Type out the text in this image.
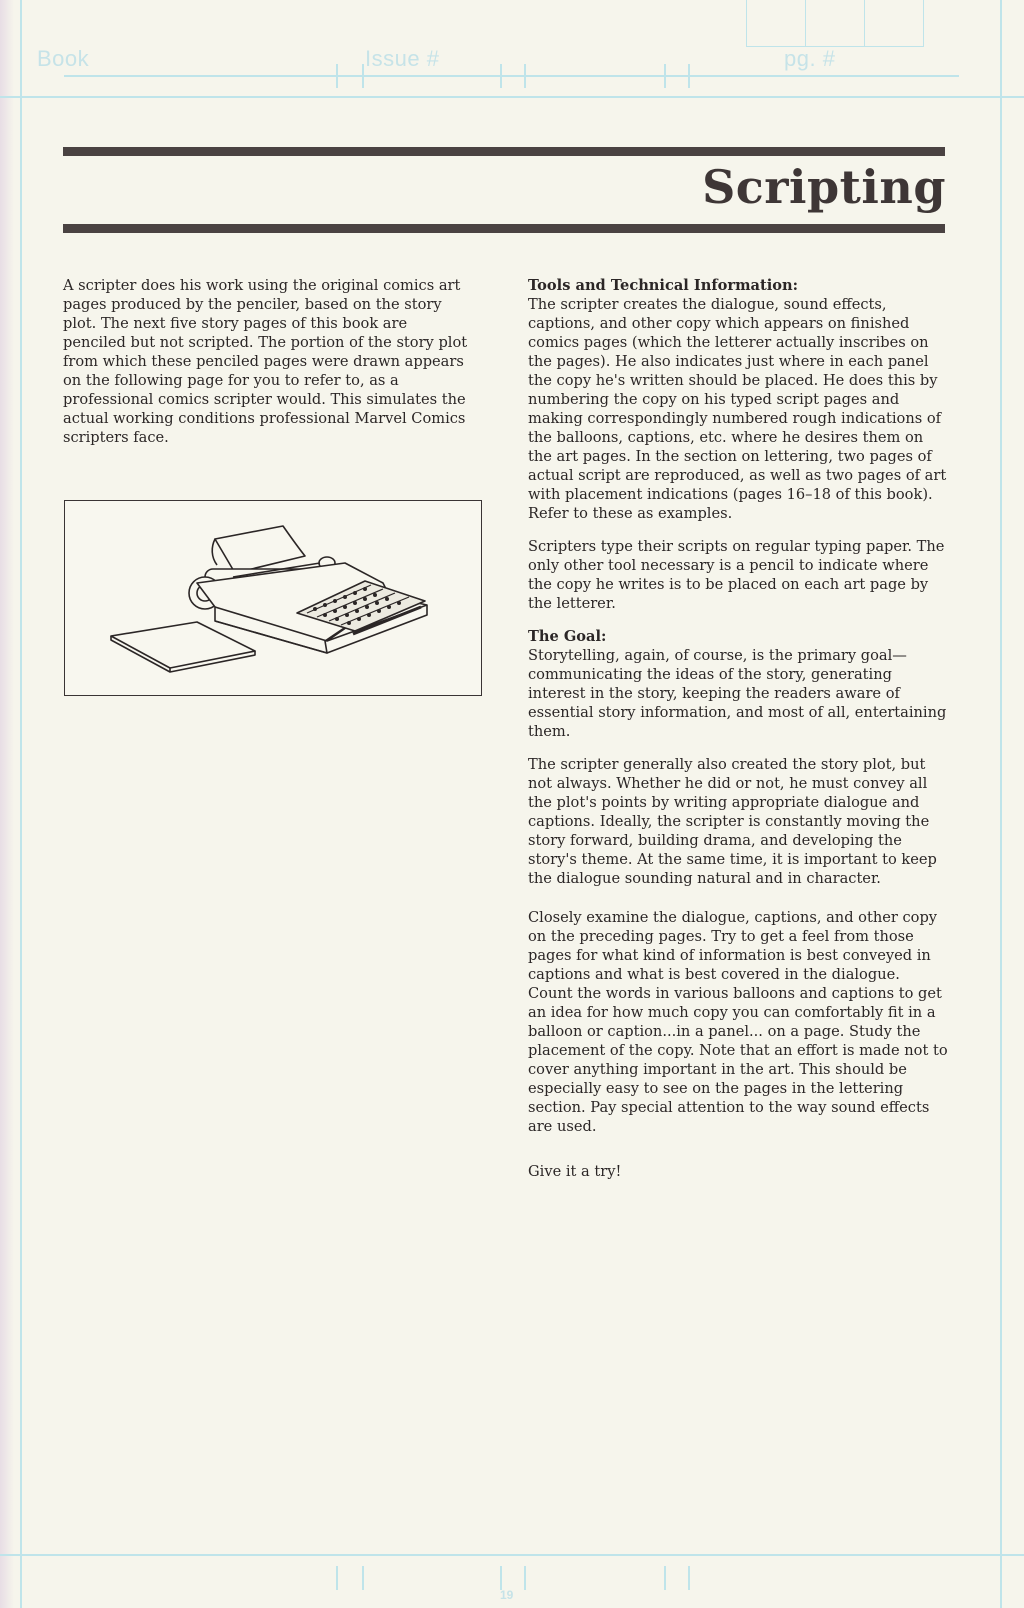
Book	Issue #	pg. #
Scripting

A scripter does his work using the original comics art pages produced by the penciler, based on the story plot. The next five story pages of this book are penciled but not scripted. The portion of the story plot from which these penciled pages were drawn appears on the following page for you to refer to, as a professional comics scripter would. This simulates the actual working conditions professional Marvel Comics scripters face.

Tools and Technical Information:
The scripter creates the dialogue, sound effects, captions, and other copy which appears on finished comics pages (which the letterer actually inscribes on the pages). He also indicates just where in each panel the copy he's written should be placed. He does this by numbering the copy on his typed script pages and making correspondingly numbered rough indications of the balloons, captions, etc. where he desires them on the art pages. In the section on lettering, two pages of actual script are reproduced, as well as two pages of art with placement indications (pages 16–18 of this book). Refer to these as examples.

Scripters type their scripts on regular typing paper. The only other tool necessary is a pencil to indicate where the copy he writes is to be placed on each art page by the letterer.

The Goal:
Storytelling, again, of course, is the primary goal—communicating the ideas of the story, generating interest in the story, keeping the readers aware of essential story information, and most of all, entertaining them.

The scripter generally also created the story plot, but not always. Whether he did or not, he must convey all the plot's points by writing appropriate dialogue and captions. Ideally, the scripter is constantly moving the story forward, building drama, and developing the story's theme. At the same time, it is important to keep the dialogue sounding natural and in character.

Closely examine the dialogue, captions, and other copy on the preceding pages. Try to get a feel from those pages for what kind of information is best conveyed in captions and what is best covered in the dialogue. Count the words in various balloons and captions to get an idea for how much copy you can comfortably fit in a balloon or caption...in a panel... on a page. Study the placement of the copy. Note that an effort is made not to cover anything important in the art. This should be especially easy to see on the pages in the lettering section. Pay special attention to the way sound effects are used.

Give it a try!

19
